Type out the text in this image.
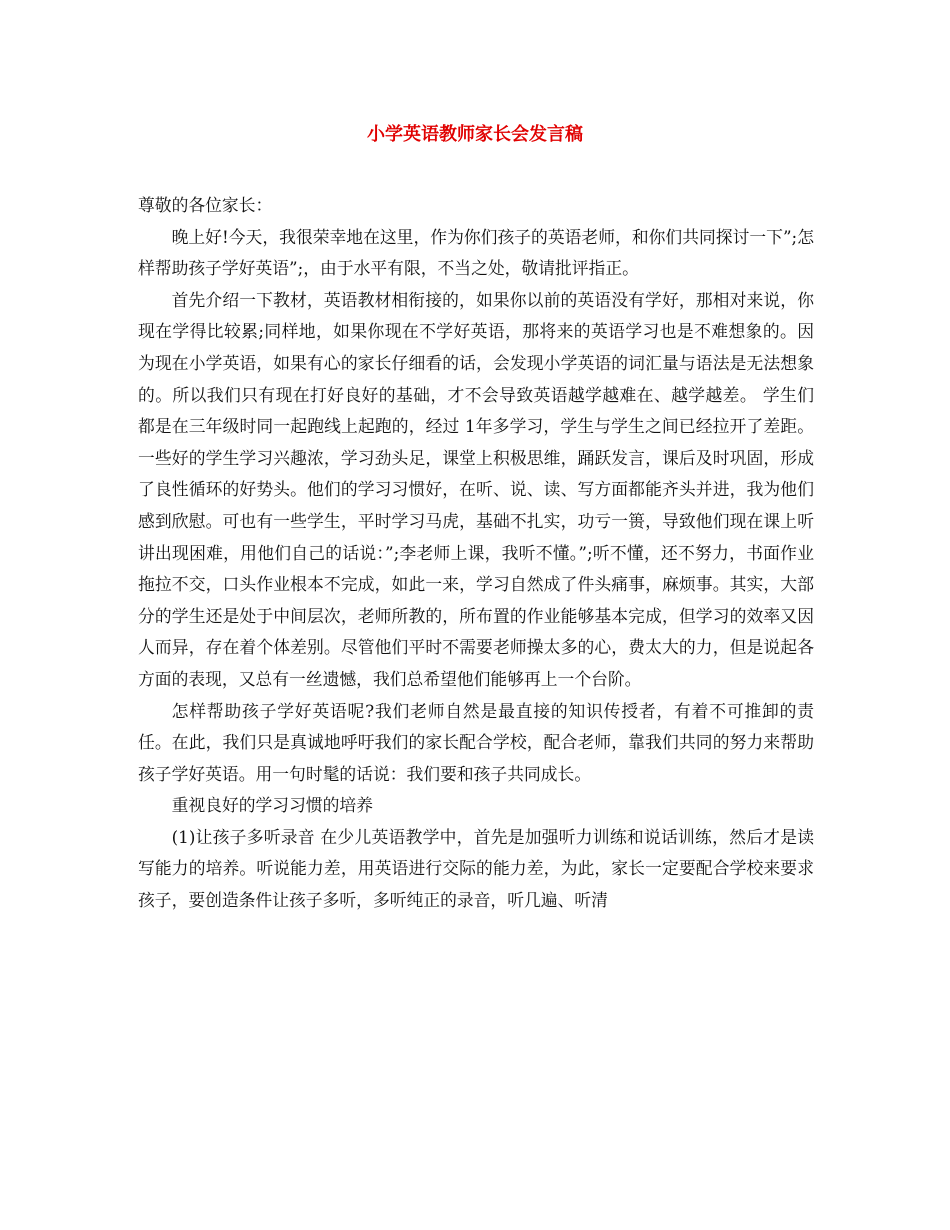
小学英语教师家长会发言稿

尊敬的各位家长：

晚上好!今天，我很荣幸地在这里，作为你们孩子的英语老师，和你们共同探讨一下”;怎样帮助孩子学好英语”;，由于水平有限，不当之处，敬请批评指正。

首先介绍一下教材，英语教材相衔接的，如果你以前的英语没有学好，那相对来说，你现在学得比较累;同样地，如果你现在不学好英语，那将来的英语学习也是不难想象的。因为现在小学英语，如果有心的家长仔细看的话，会发现小学英语的词汇量与语法是无法想象的。所以我们只有现在打好良好的基础，才不会导致英语越学越难在、越学越差。 学生们都是在三年级时同一起跑线上起跑的，经过 1年多学习，学生与学生之间已经拉开了差距。一些好的学生学习兴趣浓，学习劲头足，课堂上积极思维，踊跃发言，课后及时巩固，形成了良性循环的好势头。他们的学习习惯好，在听、说、读、写方面都能齐头并进，我为他们感到欣慰。可也有一些学生，平时学习马虎，基础不扎实，功亏一篑，导致他们现在课上听讲出现困难，用他们自己的话说：”;李老师上课，我听不懂。”;听不懂，还不努力，书面作业拖拉不交，口头作业根本不完成，如此一来，学习自然成了件头痛事，麻烦事。其实，大部分的学生还是处于中间层次，老师所教的，所布置的作业能够基本完成，但学习的效率又因人而异，存在着个体差别。尽管他们平时不需要老师操太多的心，费太大的力，但是说起各方面的表现，又总有一丝遗憾，我们总希望他们能够再上一个台阶。

怎样帮助孩子学好英语呢?我们老师自然是最直接的知识传授者，有着不可推卸的责任。在此，我们只是真诚地呼吁我们的家长配合学校，配合老师，靠我们共同的努力来帮助孩子学好英语。用一句时髦的话说：我们要和孩子共同成长。

重视良好的学习习惯的培养

(1)让孩子多听录音 在少儿英语教学中，首先是加强听力训练和说话训练，然后才是读写能力的培养。听说能力差，用英语进行交际的能力差，为此，家长一定要配合学校来要求孩子，要创造条件让孩子多听，多听纯正的录音，听几遍、听清
